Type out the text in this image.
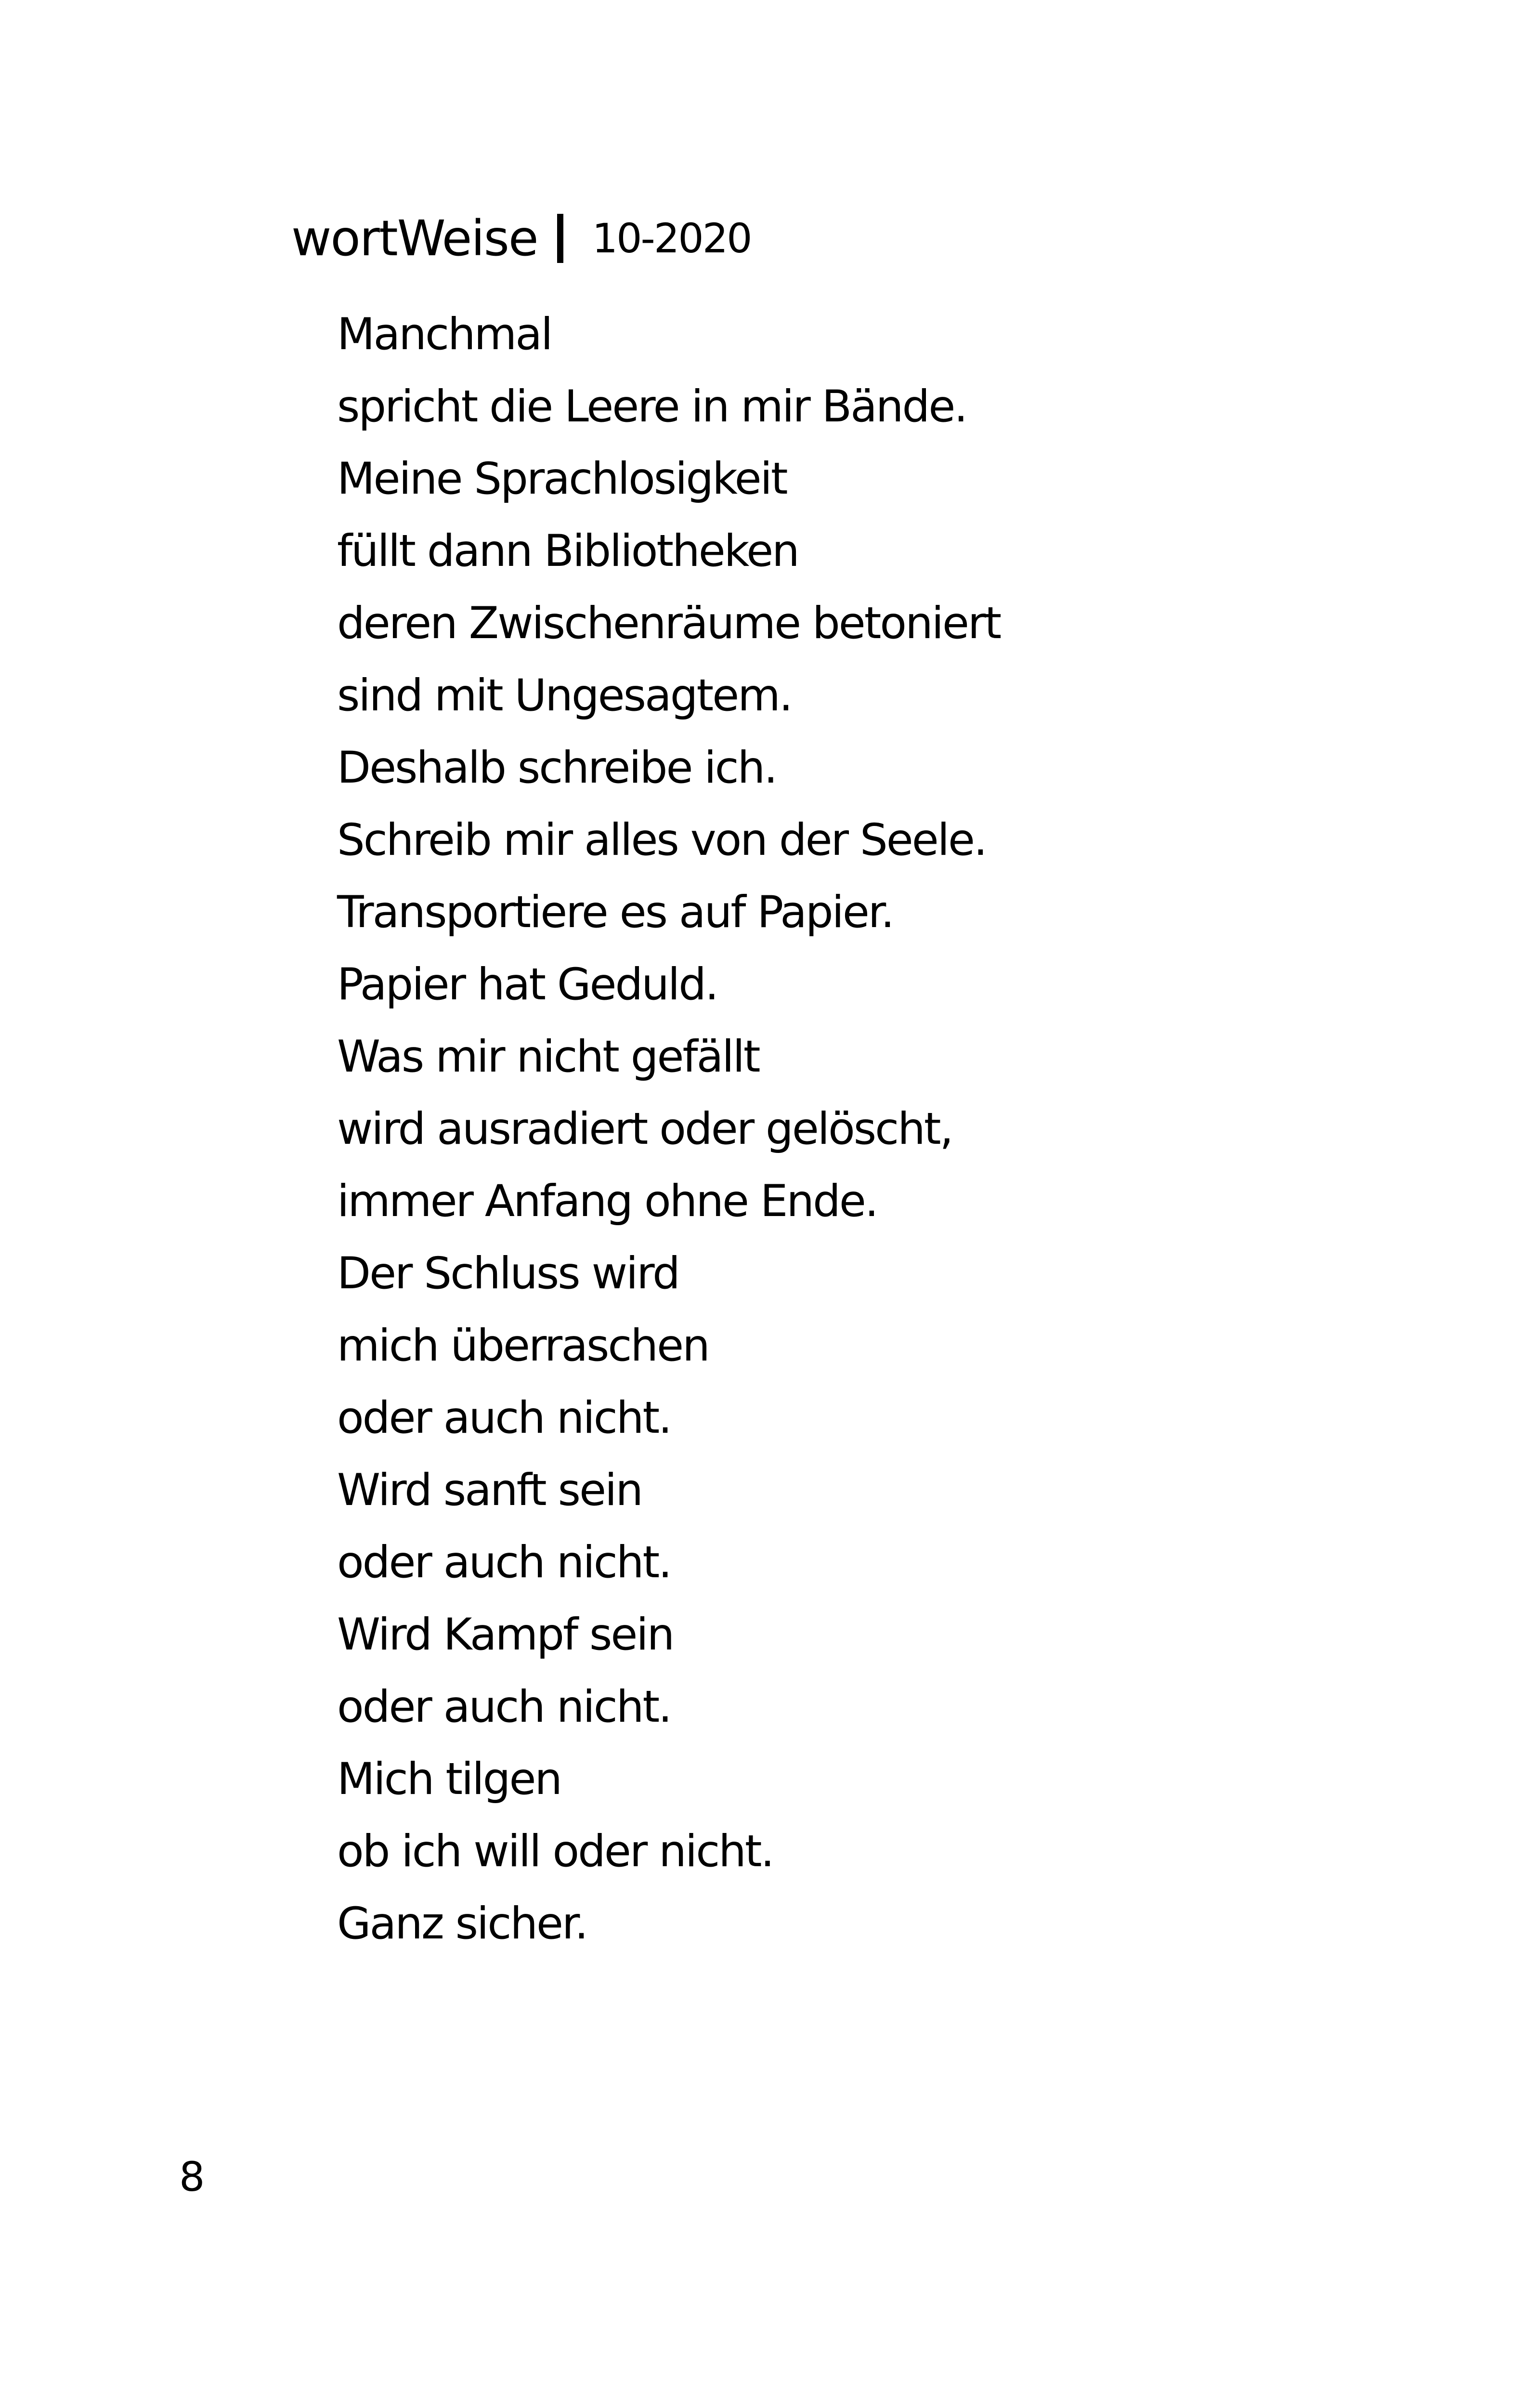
wortWeise 10-2020
Manchmal
spricht die Leere in mir Bände.
Meine Sprachlosigkeit
füllt dann Bibliotheken
deren Zwischenräume betoniert
sind mit Ungesagtem.
Deshalb schreibe ich.
Schreib mir alles von der Seele.
Transportiere es auf Papier.
Papier hat Geduld.
Was mir nicht gefällt
wird ausradiert oder gelöscht,
immer Anfang ohne Ende.
Der Schluss wird
mich überraschen
oder auch nicht.
Wird sanft sein
oder auch nicht.
Wird Kampf sein
oder auch nicht.
Mich tilgen
ob ich will oder nicht.
Ganz sicher.
8
